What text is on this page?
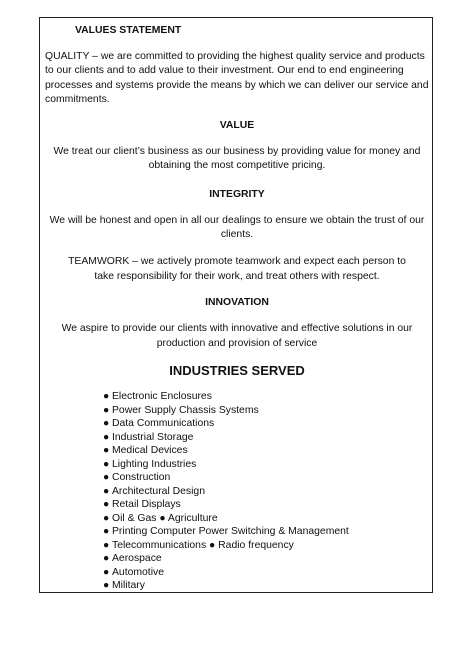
VALUES STATEMENT

QUALITY – we are committed to providing the highest quality service and products to our clients and to add value to their investment. Our end to end engineering processes and systems provide the means by which we can deliver our service and commitments.

VALUE

We treat our client’s business as our business by providing value for money and obtaining the most competitive pricing.

INTEGRITY

We will be honest and open in all our dealings to ensure we obtain the trust of our clients.

TEAMWORK – we actively promote teamwork and expect each person to take responsibility for their work, and treat others with respect.

INNOVATION

We aspire to provide our clients with innovative and effective solutions in our production and provision of service

INDUSTRIES SERVED
● Electronic Enclosures
● Power Supply Chassis Systems
● Data Communications
● Industrial Storage
● Medical Devices
● Lighting Industries
● Construction
● Architectural Design
● Retail Displays
● Oil & Gas ● Agriculture
● Printing Computer Power Switching & Management
● Telecommunications ● Radio frequency
● Aerospace
● Automotive
● Military
